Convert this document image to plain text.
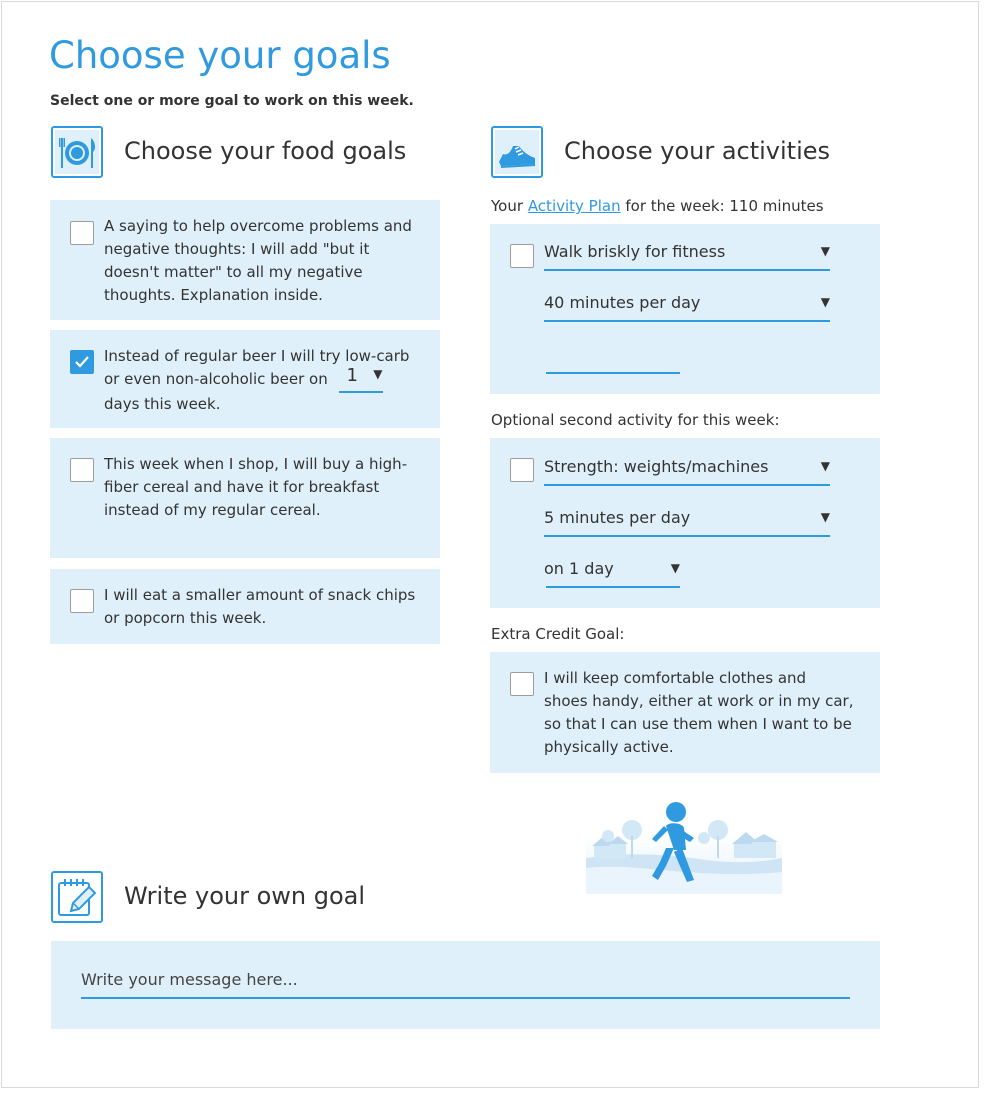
Choose your goals
Select one or more goal to work on this week.
Choose your food goals
A saying to help overcome problems and negative thoughts: I will add "but it doesn't matter" to all my negative thoughts. Explanation inside.
Instead of regular beer I will try low-carb or even non-alcoholic beer on 1 ▼
days this week.
This week when I shop, I will buy a high-fiber cereal and have it for breakfast instead of my regular cereal.
I will eat a smaller amount of snack chips or popcorn this week.
Choose your activities
Your Activity Plan for the week: 110 minutes
Walk briskly for fitness	▼
40 minutes per day	▼
Optional second activity for this week:
Strength: weights/machines	▼
5 minutes per day	▼
on 1 day	▼
Extra Credit Goal:
I will keep comfortable clothes and shoes handy, either at work or in my car, so that I can use them when I want to be physically active.
Write your own goal
Write your message here...
